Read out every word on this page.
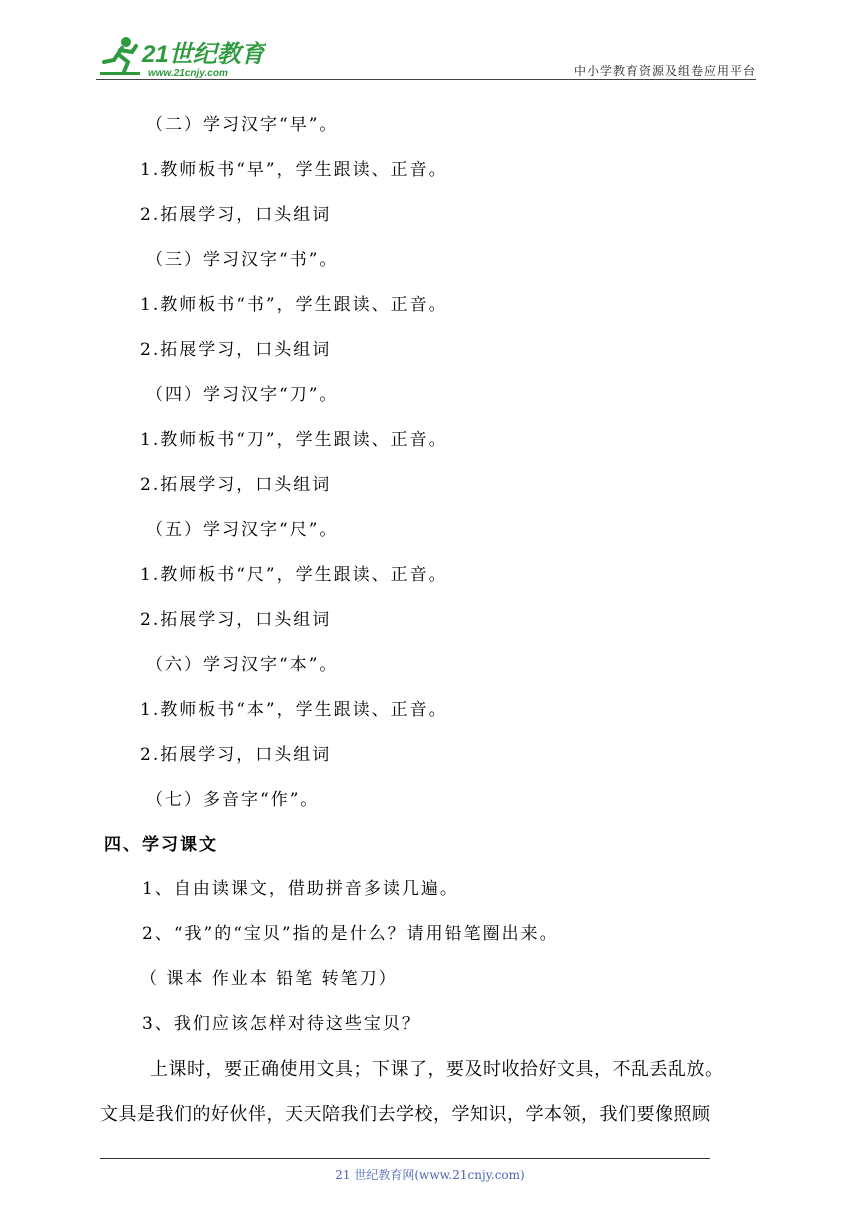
21世纪教育
www.21cnjy.com	中小学教育资源及组卷应用平台
（二）学习汉字“早”。
1.教师板书“早”，学生跟读、正音。
2.拓展学习，口头组词
（三）学习汉字“书”。
1.教师板书“书”，学生跟读、正音。
2.拓展学习，口头组词
（四）学习汉字“刀”。
1.教师板书“刀”，学生跟读、正音。
2.拓展学习，口头组词
（五）学习汉字“尺”。
1.教师板书“尺”，学生跟读、正音。
2.拓展学习，口头组词
（六）学习汉字“本”。
1.教师板书“本”，学生跟读、正音。
2.拓展学习，口头组词
（七）多音字“作”。
四、学习课文
1、自由读课文，借助拼音多读几遍。
2、“我”的“宝贝”指的是什么？请用铅笔圈出来。
（ 课本 作业本 铅笔 转笔刀）
3、我们应该怎样对待这些宝贝？
上课时，要正确使用文具；下课了，要及时收拾好文具，不乱丢乱放。
文具是我们的好伙伴，天天陪我们去学校，学知识，学本领，我们要像照顾
21 世纪教育网(www.21cnjy.com)
